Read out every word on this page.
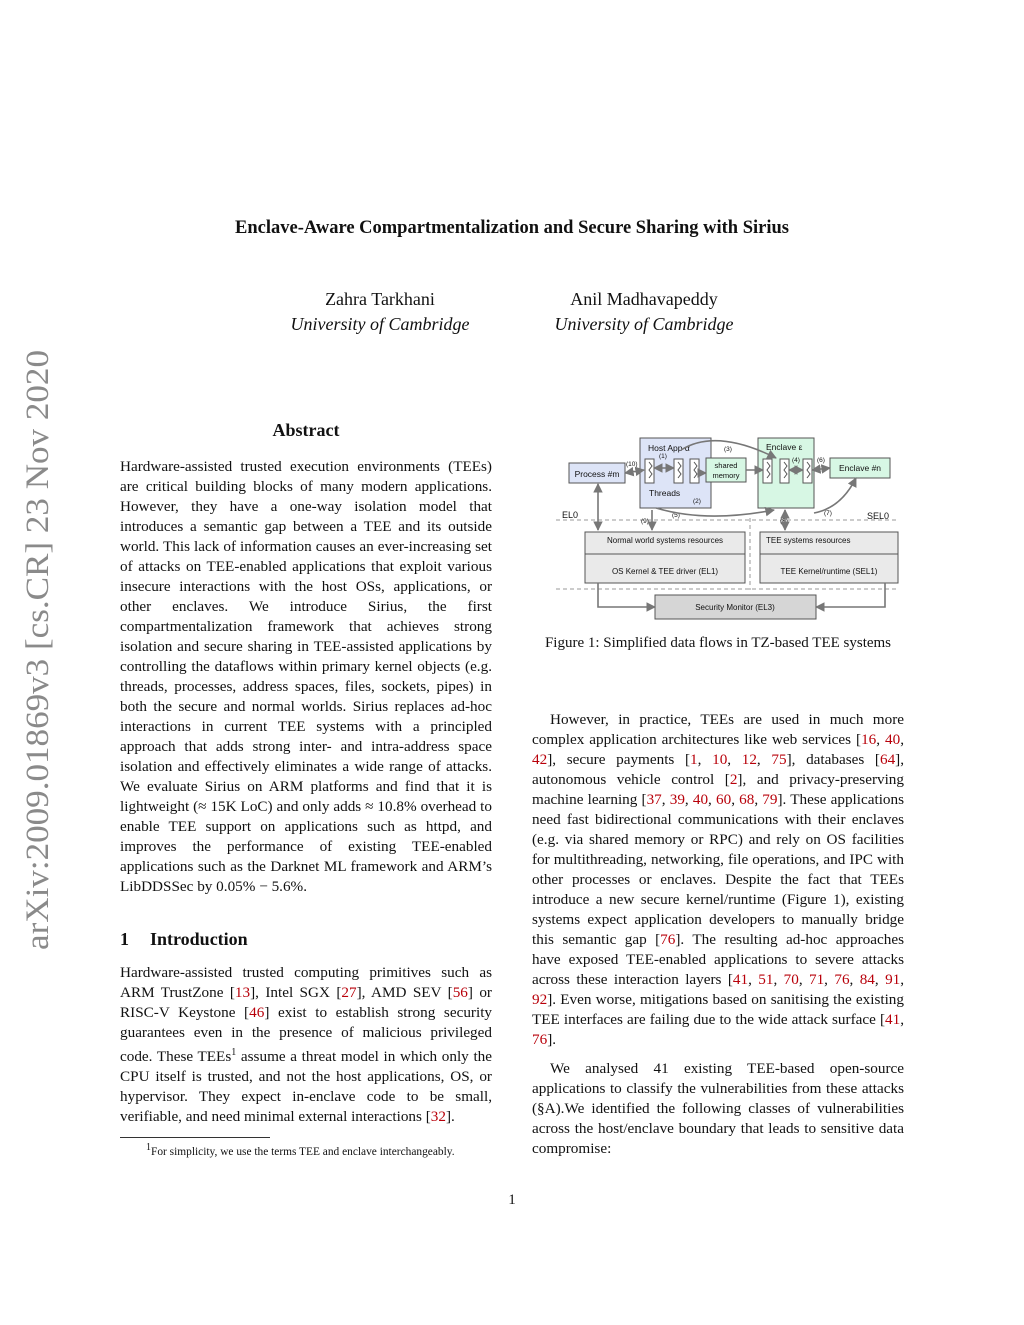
arXiv:2009.01869v3 [cs.CR] 23 Nov 2020
Enclave-Aware Compartmentalization and Secure Sharing with Sirius
Zahra Tarkhani
University of Cambridge
Anil Madhavapeddy
University of Cambridge
Abstract

Hardware-assisted trusted execution environments (TEEs) are critical building blocks of many modern applications. However, they have a one-way isolation model that introduces a semantic gap between a TEE and its outside world. This lack of information causes an ever-increasing set of attacks on TEE-enabled applications that exploit various insecure interactions with the host OSs, applications, or other enclaves. We introduce Sirius, the first compartmentalization framework that achieves strong isolation and secure sharing in TEE-assisted applications by controlling the dataflows within primary kernel objects (e.g. threads, processes, address spaces, files, sockets, pipes) in both the secure and normal worlds. Sirius replaces ad-hoc interactions in current TEE systems with a principled approach that adds strong inter- and intra-address space isolation and effectively eliminates a wide range of attacks. We evaluate Sirius on ARM platforms and find that it is lightweight (≈ 15K LoC) and only adds ≈ 10.8% overhead to enable TEE support on applications such as httpd, and improves the performance of existing TEE-enabled applications such as the Darknet ML framework and ARM’s LibDDSSec by 0.05% − 5.6%.

1 Introduction

Hardware-assisted trusted computing primitives such as ARM TrustZone [13], Intel SGX [27], AMD SEV [56] or RISC-V Keystone [46] exist to establish strong security guarantees even in the presence of malicious privileged code. These TEEs$^1$ assume a threat model in which only the CPU itself is trusted, and not the host applications, OS, or hypervisor. They expect in-enclave code to be small, verifiable, and need minimal external interactions [32].

$^1$For simplicity, we use the terms TEE and enclave interchangeably.
Process #m
Host App α
Threads
shared
memory
Enclave ε
Enclave #n
(10)
(1)
(2)
(3)
(4)
(5)
(6)
(7)
(8)
(9)
EL0	SEL0
Normal world systems resources
OS Kernel & TEE driver (EL1)
TEE systems resources
TEE Kernel/runtime (SEL1)
Security Monitor (EL3)
Figure 1: Simplified data flows in TZ-based TEE systems

However, in practice, TEEs are used in much more complex application architectures like web services [16, 40, 42], secure payments [1, 10, 12, 75], databases [64], autonomous vehicle control [2], and privacy-preserving machine learning [37, 39, 40, 60, 68, 79]. These applications need fast bidirectional communications with their enclaves (e.g. via shared memory or RPC) and rely on OS facilities for multithreading, networking, file operations, and IPC with other processes or enclaves. Despite the fact that TEEs introduce a new secure kernel/runtime (Figure 1), existing systems expect application developers to manually bridge this semantic gap [76]. The resulting ad-hoc approaches have exposed TEE-enabled applications to severe attacks across these interaction layers [41, 51, 70, 71, 76, 84, 91, 92]. Even worse, mitigations based on sanitising the existing TEE interfaces are failing due to the wide attack surface [41, 76].

We analysed 41 existing TEE-based open-source applications to classify the vulnerabilities from these attacks (§A).We identified the following classes of vulnerabilities across the host/enclave boundary that leads to sensitive data compromise:

1
